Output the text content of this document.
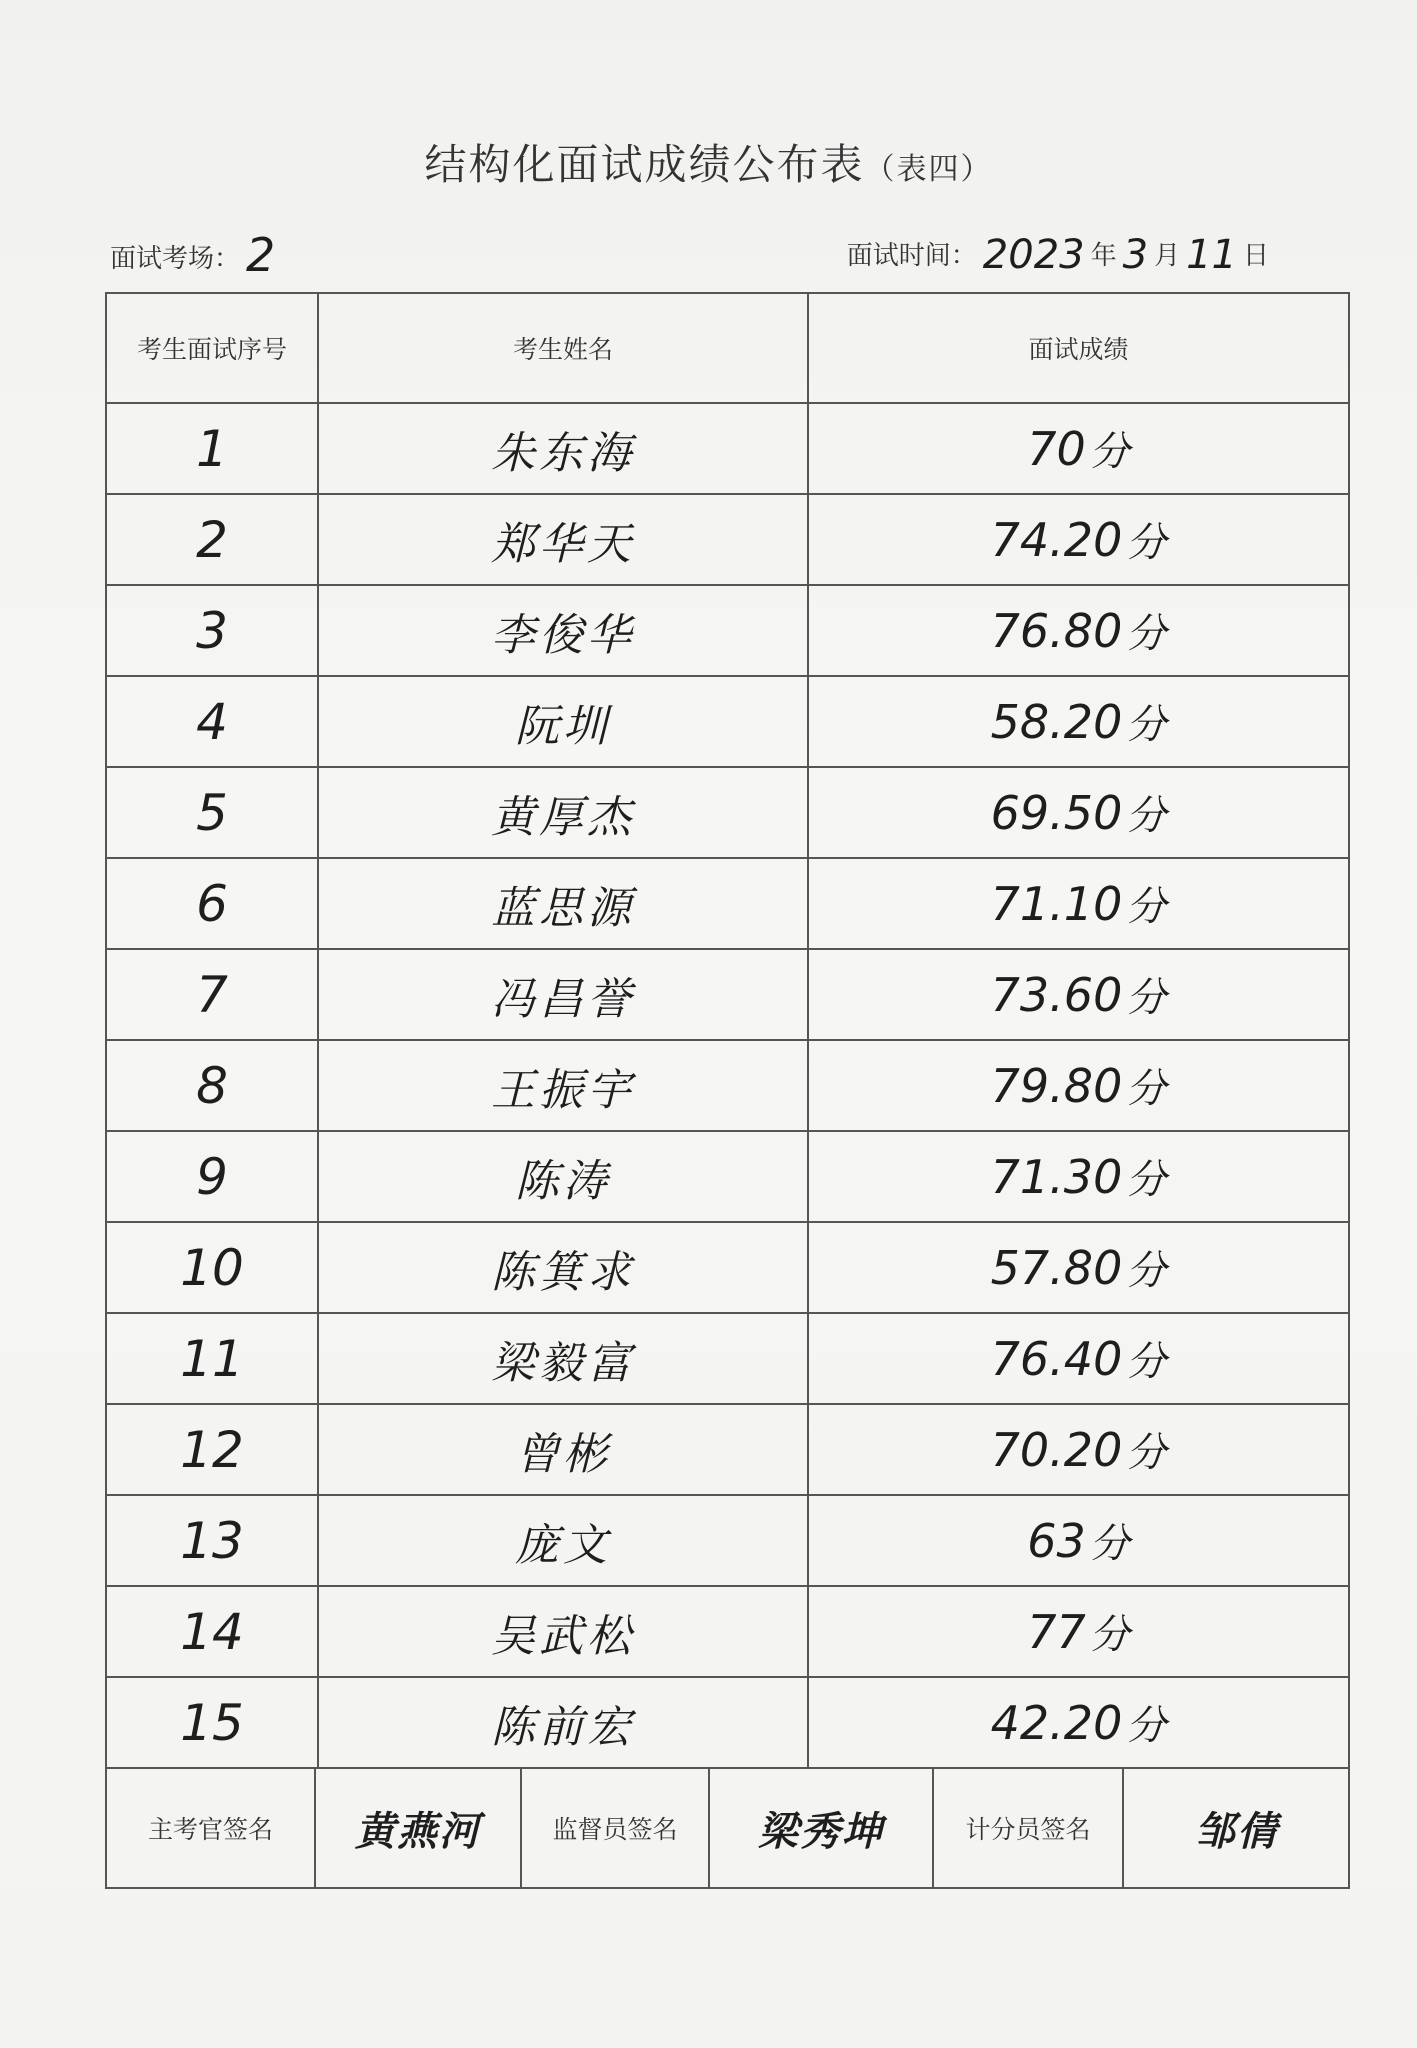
结构化面试成绩公布表（表四）
面试考场： 2	面试时间： 2023 年 3 月 11 日
考生面试序号	考生姓名	面试成绩
1	朱东海	70 分
2	郑华天	74.20 分
3	李俊华	76.80 分
4	阮圳	58.20 分
5	黄厚杰	69.50 分
6	蓝思源	71.10 分
7	冯昌誉	73.60 分
8	王振宇	79.80 分
9	陈涛	71.30 分
10	陈箕求	57.80 分
11	梁毅富	76.40 分
12	曾彬	70.20 分
13	庞文	63 分
14	吴武松	77 分
15	陈前宏	42.20 分

主考官签名	黄燕河	监督员签名	梁秀坤	计分员签名	邹倩
